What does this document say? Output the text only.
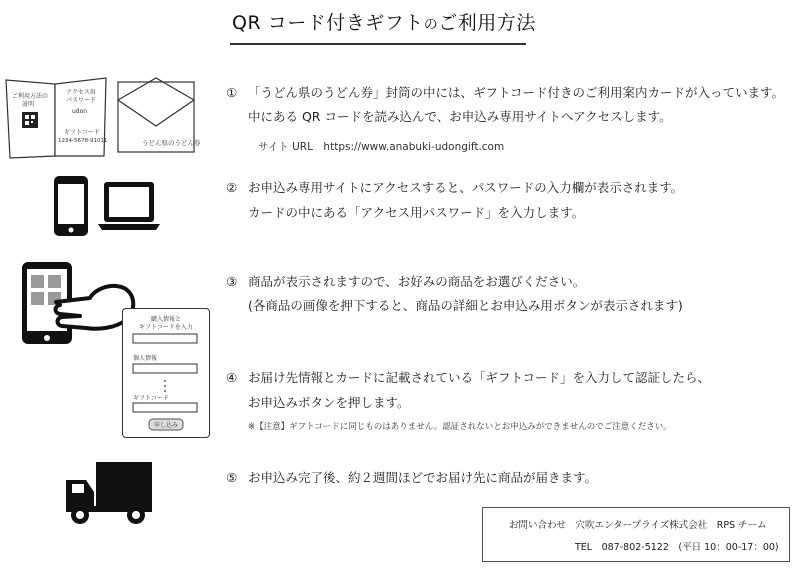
QR コード付きギフトのご利用方法
ご利用方法の
説明
アクセス用
パスワード
udon
ギフトコード
1234-5678-91011	うどん県のうどん券
購入情報と
ギフトコードを入力
個人情報
ギフトコード
申し込み
① 「うどん県のうどん券」封筒の中には、ギフトコード付きのご利用案内カードが入っています。
中にある QR コードを読み込んで、お申込み専用サイトへアクセスします。
サイト URL　https://www.anabuki-udongift.com
② お申込み専用サイトにアクセスすると、パスワードの入力欄が表示されます。
カードの中にある「アクセス用パスワード」を入力します。
③ 商品が表示されますので、お好みの商品をお選びください。
(各商品の画像を押下すると、商品の詳細とお申込み用ボタンが表示されます)
④ お届け先情報とカードに記載されている「ギフトコード」を入力して認証したら、
お申込みボタンを押します。
※【注意】ギフトコードに同じものはありません。認証されないとお申込みができませんのでご注意ください。
⑤ お申込み完了後、約２週間ほどでお届け先に商品が届きます。
お問い合わせ　穴吹エンタープライズ株式会社　RPS チーム
TEL　087-802-5122　(平日 10：00-17：00)
